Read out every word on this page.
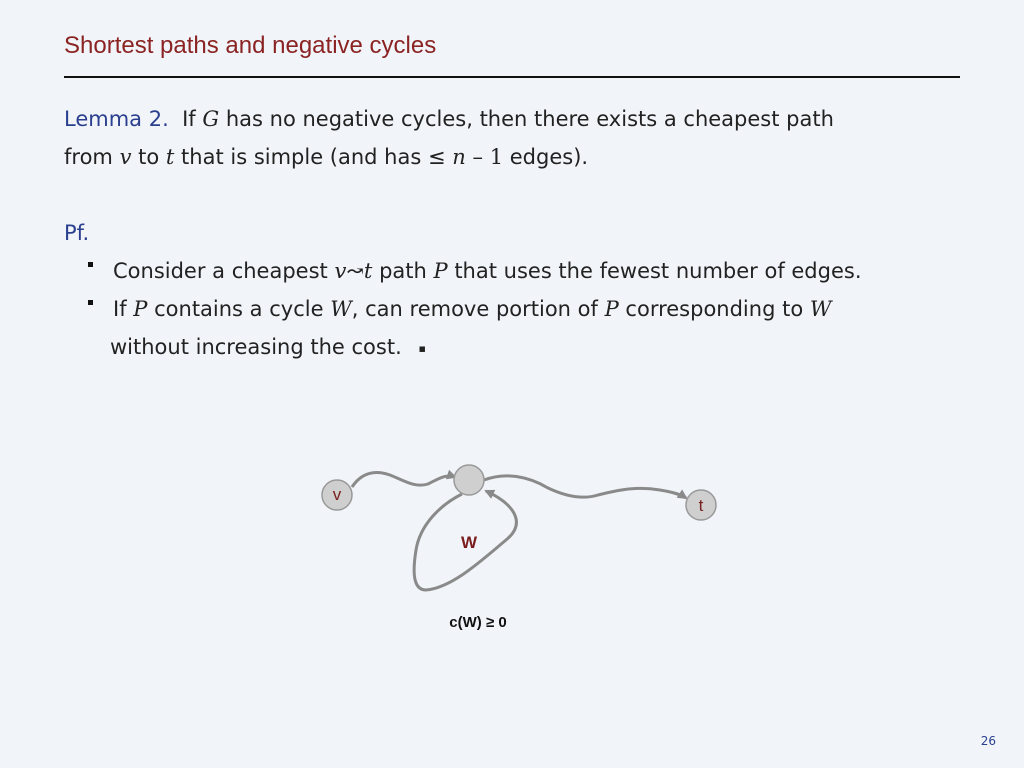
Shortest paths and negative cycles
Lemma 2. If G has no negative cycles, then there exists a cheapest path
from v to t that is simple (and has ≤ n – 1 edges).
Pf.
Consider a cheapest v↝t path P that uses the fewest number of edges.
If P contains a cycle W, can remove portion of P corresponding to W
without increasing the cost. ▪
v
t
W
c(W) ≥ 0
26
